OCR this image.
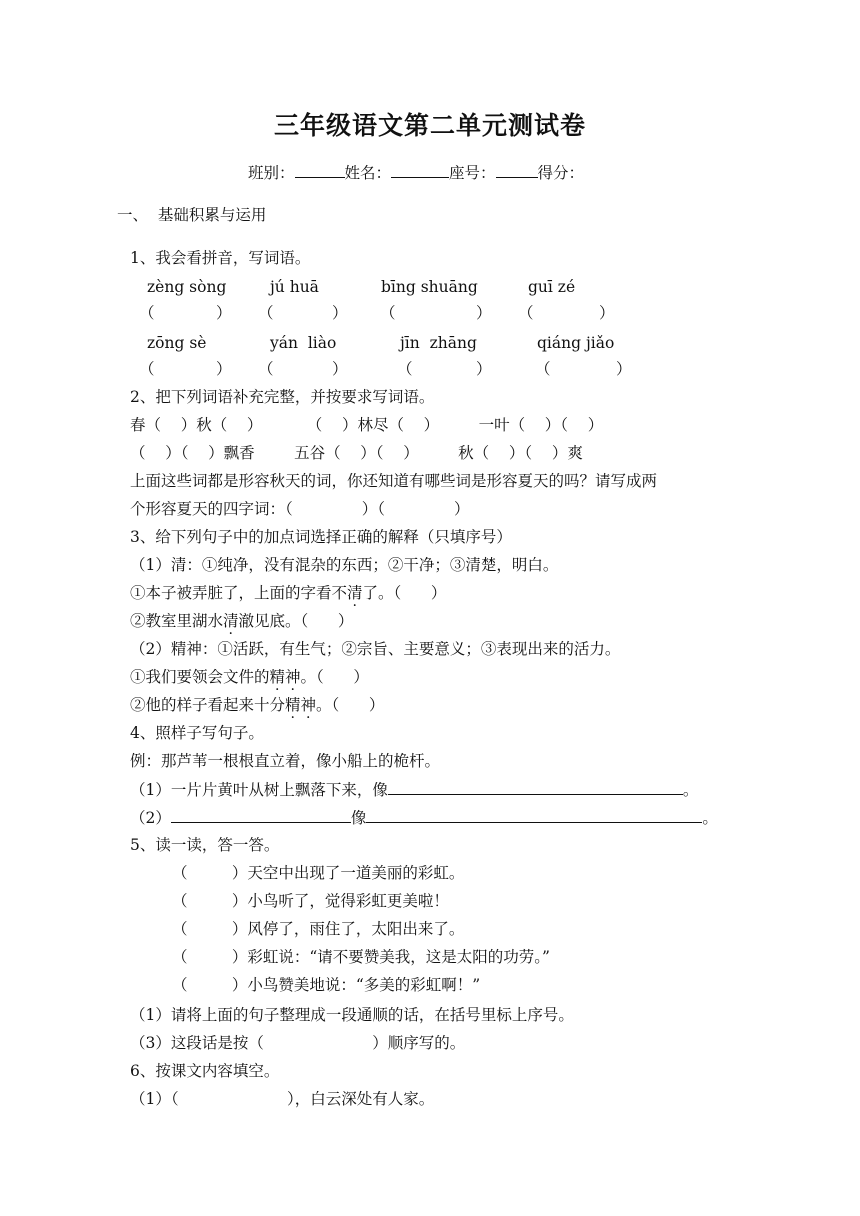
三年级语文第二单元测试卷
班别：	姓名：	座号：	得分：
一、  基础积累与运用
1、我会看拼音，写词语。
zèng sòng	jú huā	bīng shuāng	guī zé
（	） （	） （	） （	）
zōng sè	yán  liào	jīn  zhāng	qiáng jiǎo
（	） （	）	（	）	（	）
2、把下列词语补充完整，并按要求写词语。
春（    ）秋（    ）         （    ）林尽（    ）        一叶（    ）（    ）
（    ）（    ）飘香        五谷（    ）（    ）        秋（    ）（    ）爽
上面这些词都是形容秋天的词，你还知道有哪些词是形容夏天的吗？请写成两
个形容夏天的四字词：（              ）（              ）
3、给下列句子中的加点词选择正确的解释（只填序号）
（1）清：①纯净，没有混杂的东西；②干净；③清楚，明白。
①本子被弄脏了，上面的字看不清了。（      ）
②教室里湖水清澈见底。（      ）
（2）精神：①活跃，有生气；②宗旨、主要意义；③表现出来的活力。
①我们要领会文件的精神。（      ）
②他的样子看起来十分精神。（      ）
4、照样子写句子。
例：那芦苇一根根直立着，像小船上的桅杆。
（1）一片片黄叶从树上飘落下来，像	。
（2）	像	。
5、读一读，答一答。
（         ）天空中出现了一道美丽的彩虹。
（         ）小鸟听了，觉得彩虹更美啦！
（         ）风停了，雨住了，太阳出来了。
（         ）彩虹说：“请不要赞美我，这是太阳的功劳。”
（         ）小鸟赞美地说：“多美的彩虹啊！”
（1）请将上面的句子整理成一段通顺的话，在括号里标上序号。
（3）这段话是按（                      ）顺序写的。
6、按课文内容填空。
（1）（                      ），白云深处有人家。
